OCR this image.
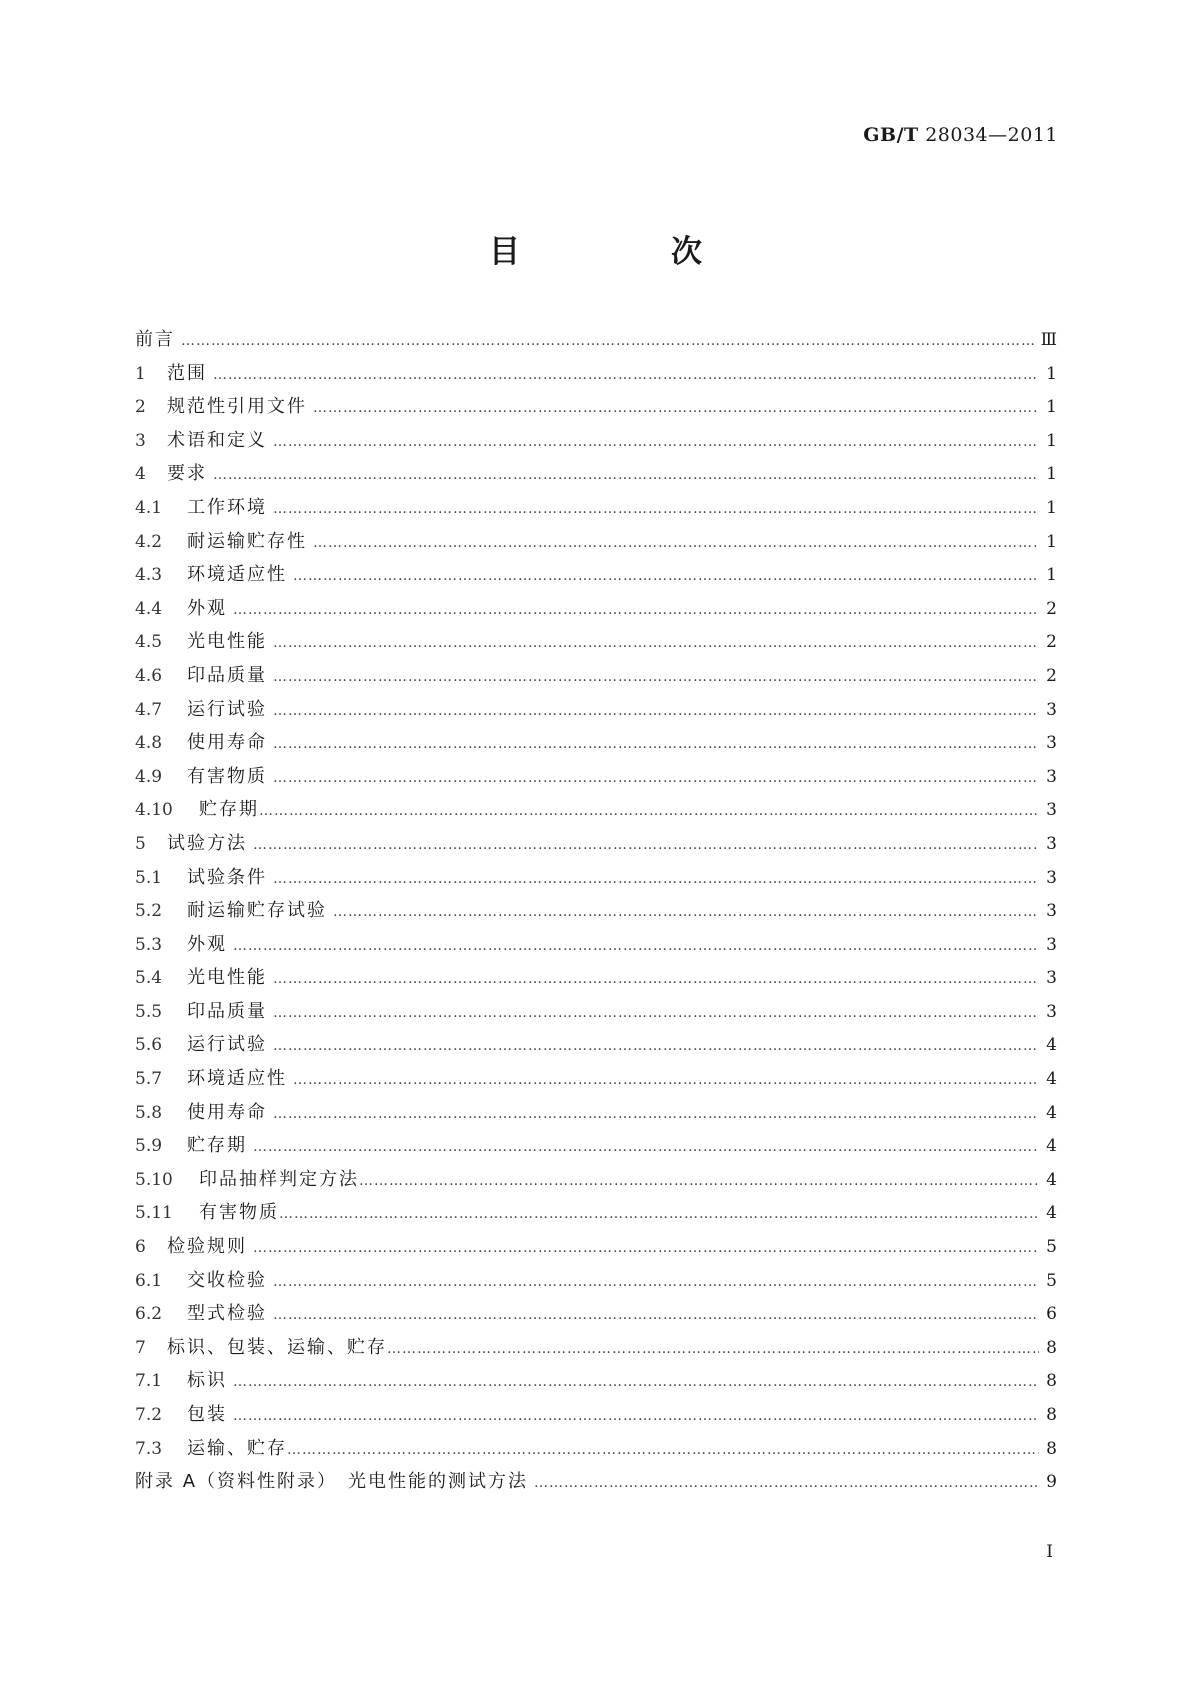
GB/T 28034—2011
目　次
前言 ……………………………………………………………………………………………………………………………………………………………………………………………………	Ⅲ
1	范围 ……………………………………………………………………………………………………………………………………………………………………………………………………	1
2	规范性引用文件 ……………………………………………………………………………………………………………………………………………………………………………………………………	1
3	术语和定义 ……………………………………………………………………………………………………………………………………………………………………………………………………	1
4	要求 ……………………………………………………………………………………………………………………………………………………………………………………………………	1
4.1	工作环境 ……………………………………………………………………………………………………………………………………………………………………………………………………	1
4.2	耐运输贮存性 ……………………………………………………………………………………………………………………………………………………………………………………………………	1
4.3	环境适应性 ……………………………………………………………………………………………………………………………………………………………………………………………………	1
4.4	外观 ……………………………………………………………………………………………………………………………………………………………………………………………………	2
4.5	光电性能 ……………………………………………………………………………………………………………………………………………………………………………………………………	2
4.6	印品质量 ……………………………………………………………………………………………………………………………………………………………………………………………………	2
4.7	运行试验 ……………………………………………………………………………………………………………………………………………………………………………………………………	3
4.8	使用寿命 ……………………………………………………………………………………………………………………………………………………………………………………………………	3
4.9	有害物质 ……………………………………………………………………………………………………………………………………………………………………………………………………	3
4.10	贮存期 ……………………………………………………………………………………………………………………………………………………………………………………………………	3
5	试验方法 ……………………………………………………………………………………………………………………………………………………………………………………………………	3
5.1	试验条件 ……………………………………………………………………………………………………………………………………………………………………………………………………	3
5.2	耐运输贮存试验 ……………………………………………………………………………………………………………………………………………………………………………………………………	3
5.3	外观 ……………………………………………………………………………………………………………………………………………………………………………………………………	3
5.4	光电性能 ……………………………………………………………………………………………………………………………………………………………………………………………………	3
5.5	印品质量 ……………………………………………………………………………………………………………………………………………………………………………………………………	3
5.6	运行试验 ……………………………………………………………………………………………………………………………………………………………………………………………………	4
5.7	环境适应性 ……………………………………………………………………………………………………………………………………………………………………………………………………	4
5.8	使用寿命 ……………………………………………………………………………………………………………………………………………………………………………………………………	4
5.9	贮存期 ……………………………………………………………………………………………………………………………………………………………………………………………………	4
5.10	印品抽样判定方法 ……………………………………………………………………………………………………………………………………………………………………………………………………	4
5.11	有害物质 ……………………………………………………………………………………………………………………………………………………………………………………………………	4
6	检验规则 ……………………………………………………………………………………………………………………………………………………………………………………………………	5
6.1	交收检验 ……………………………………………………………………………………………………………………………………………………………………………………………………	5
6.2	型式检验 ……………………………………………………………………………………………………………………………………………………………………………………………………	6
7	标识、包装、运输、贮存 ……………………………………………………………………………………………………………………………………………………………………………………………………	8
7.1	标识 ……………………………………………………………………………………………………………………………………………………………………………………………………	8
7.2	包装 ……………………………………………………………………………………………………………………………………………………………………………………………………	8
7.3	运输、贮存 ……………………………………………………………………………………………………………………………………………………………………………………………………	8
附录 A（资料性附录）　光电性能的测试方法 ……………………………………………………………………………………………………………………………………………………………………………………………………	9
I
